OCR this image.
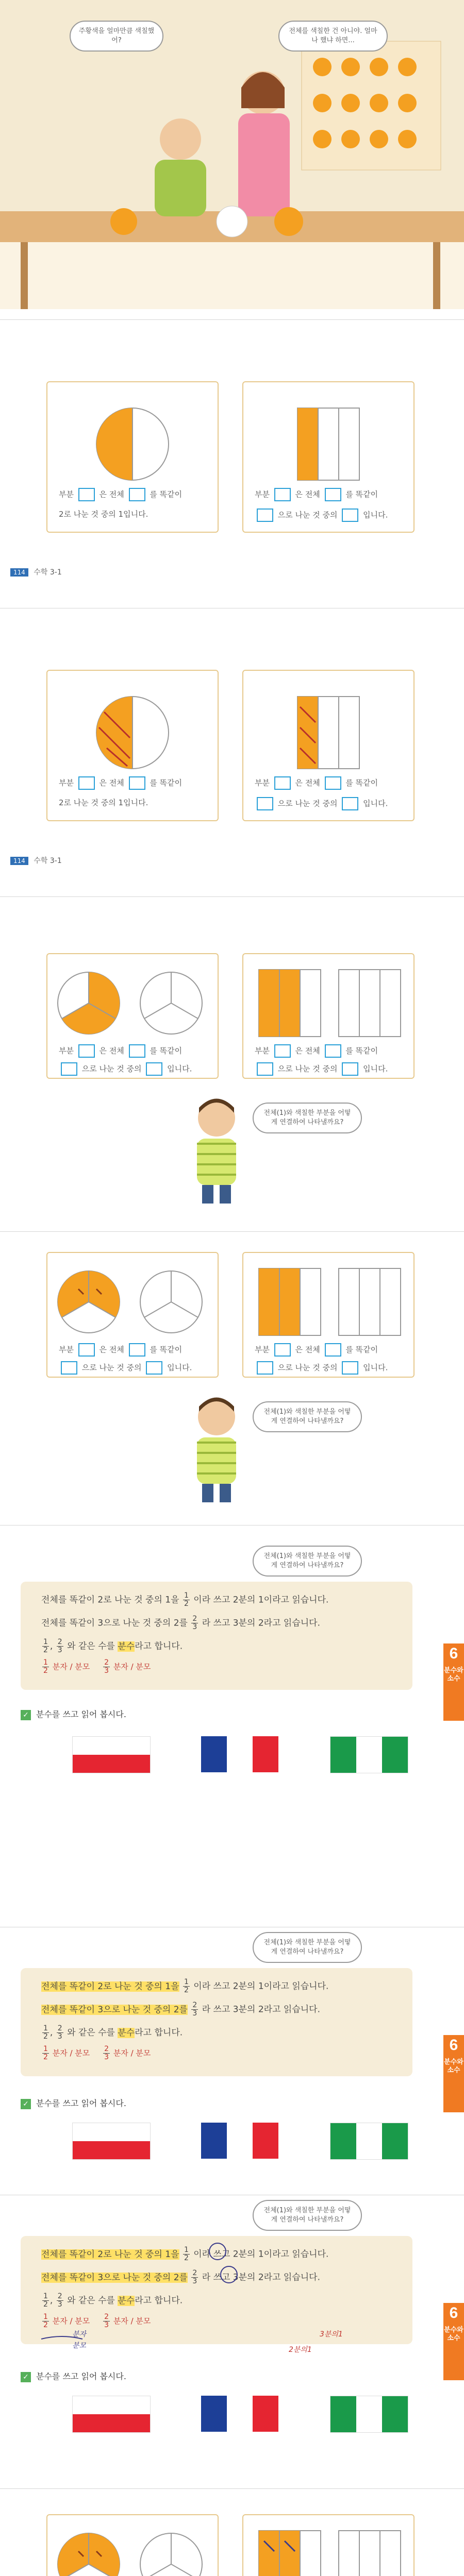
주황색을 얼마만큼 색칠했어?
전체를 색칠한 건 아니야. 얼마나 했냐 하면...
부분	은 전체	를 똑같이
2로 나눈 것 중의 1입니다.
부분	은 전체	를 똑같이
으로 나눈 것 중의	입니다.
114 수학 3-1
부분	은 전체	를 똑같이
2로 나눈 것 중의 1입니다.
부분	은 전체	를 똑같이
으로 나눈 것 중의	입니다.
114 수학 3-1
부분	은 전체	를 똑같이
으로 나눈 것 중의	입니다.
부분	은 전체	를 똑같이
으로 나눈 것 중의	입니다.
전체(1)와 색칠한 부분을 어떻게 연결하여 나타낼까요?
부분	은 전체	를 똑같이
으로 나눈 것 중의	입니다.
부분	은 전체	를 똑같이
으로 나눈 것 중의	입니다.
전체(1)와 색칠한 부분을 어떻게 연결하여 나타낼까요?
전체(1)와 색칠한 부분을 어떻게 연결하여 나타낼까요?

전체를 똑같이 2로 나눈 것 중의 1을 $\frac{1}{2}$ 이라 쓰고 2분의 1이라고 읽습니다.

전체를 똑같이 3으로 나눈 것 중의 2를 $\frac{2}{3}$ 라 쓰고 3분의 2라고 읽습니다.

$\frac{1}{2}$ , $\frac{2}{3}$ 와 같은 수를 분수라고 합니다.

$\frac{1}{2}$ 분자 / 분모 $\frac{2}{3}$ 분자 / 분모

6
분수와 소수
✓ 분수를 쓰고 읽어 봅시다.
전체(1)와 색칠한 부분을 어떻게 연결하여 나타낼까요?

전체를 똑같이 2로 나눈 것 중의 1을 $\frac{1}{2}$ 이라 쓰고 2분의 1이라고 읽습니다.

전체를 똑같이 3으로 나눈 것 중의 2를 $\frac{2}{3}$ 라 쓰고 3분의 2라고 읽습니다.

$\frac{1}{2}$ , $\frac{2}{3}$ 와 같은 수를 분수라고 합니다.

$\frac{1}{2}$ 분자 / 분모 $\frac{2}{3}$ 분자 / 분모	6
분수와 소수
✓ 분수를 쓰고 읽어 봅시다.
전체(1)와 색칠한 부분을 어떻게 연결하여 나타낼까요?

전체를 똑같이 2로 나눈 것 중의 1을 $\frac{1}{2}$ 이라 쓰고 2분의 1이라고 읽습니다.

전체를 똑같이 3으로 나눈 것 중의 2를 $\frac{2}{3}$ 라 쓰고 3분의 2라고 읽습니다.

$\frac{1}{2}$ , $\frac{2}{3}$ 와 같은 수를 분수라고 합니다.

$\frac{1}{2}$ 분자 / 분모 $\frac{2}{3}$ 분자 / 분모

3분의1
2분의1
분자
분모
6
분수와 소수
✓ 분수를 쓰고 읽어 봅시다.
